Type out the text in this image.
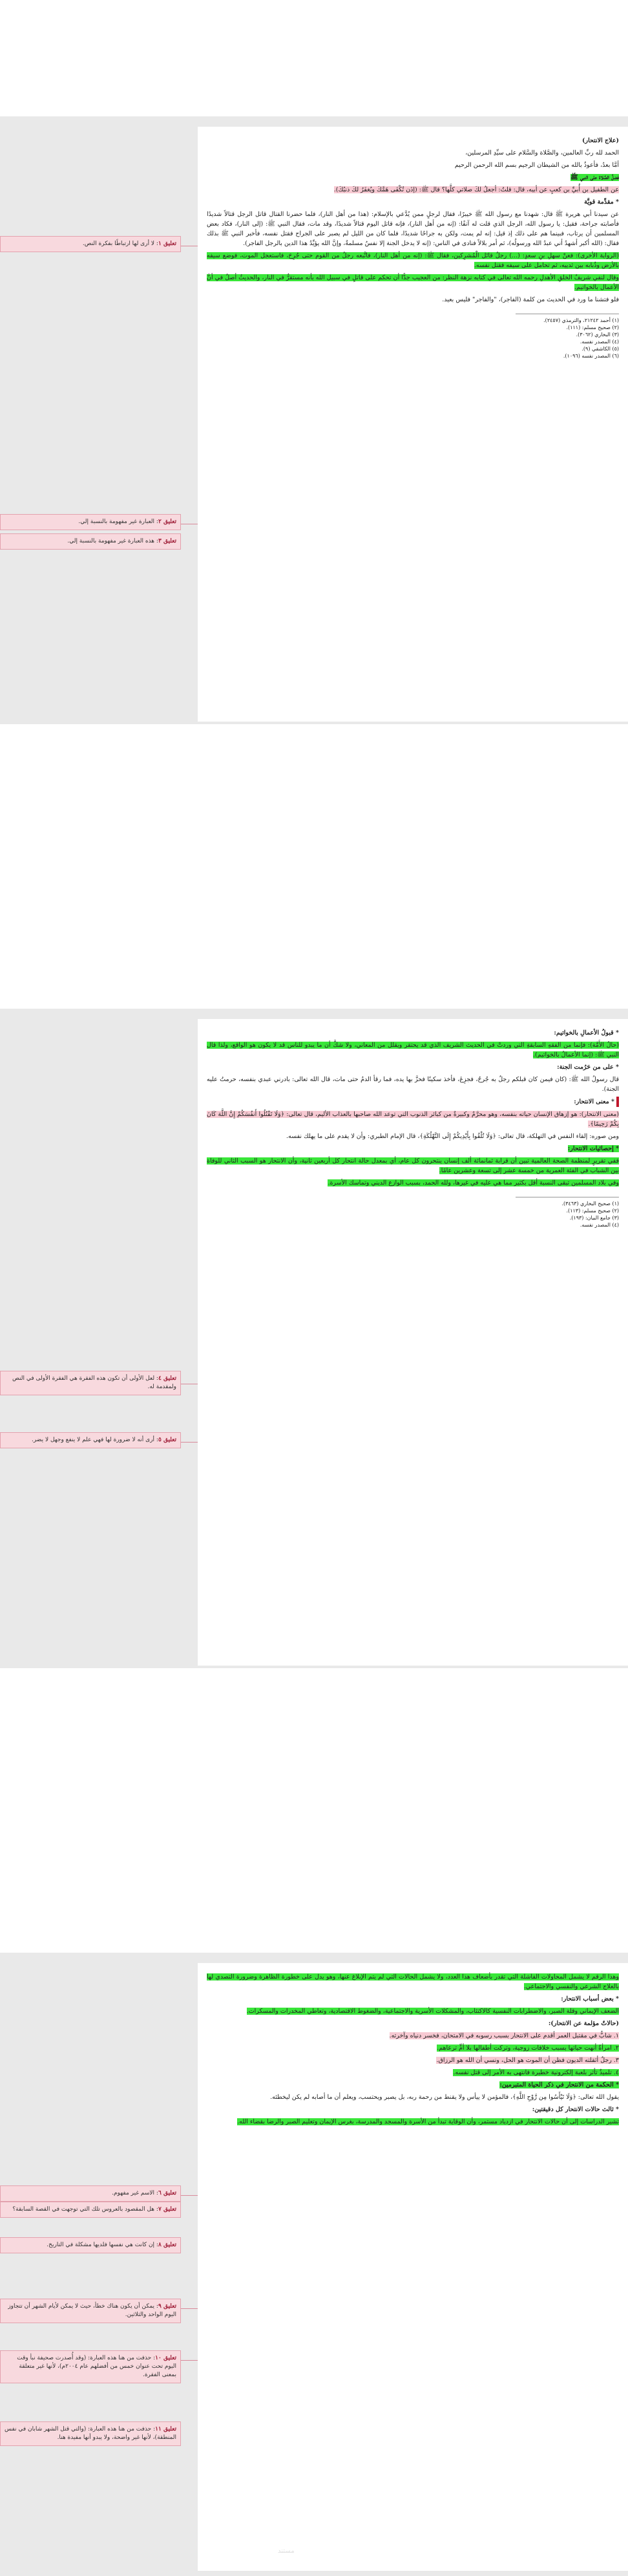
(علاج الانتحار)

الحمد لله ربِّ العالمين، والصَّلاة والسَّلام على سيِّدِ المرسلين،

أمَّا بعدُ، فأعوذُ بالله من الشيطان الرجيم بسم الله الرحمن الرحيم

فضلُ الصَّلاة على النبي ﷺ

عن الطفيل بن أُبيِّ بن كعبٍ عن أبيه، قال: قلتُ: أجعلُ لكَ صلاتي كلَّها؟ قال ﷺ: (إذَن تُكْفَى هَمَّكَ ويُغفَرُ لكَ ذنبُكَ).

* مقدِّمة قويَّة

عن سيدنا أبي هريرة ﷺ قال: شهدنا مع رسول الله ﷺ خيبرًا، فقال لرجلٍ ممن يُدَّعي بالإسلام: (هذا من أهل النار)، فلما حضرنا القتال قاتل الرجل قتالاً شديدًا فأصابته جراحة، فقيل: يا رسول الله، الرجل الذي قلت له آنفًا: (إنه من أهل النار)، فإنه قاتل اليوم قتالاً شديدًا، وقد مات، فقال النبي ﷺ: (إلى النار)، فكاد بعض المسلمين أن يرتاب، فبينما هم على ذلك إذ قيل: إنه لم يمت، ولكن به جراحًا شديدًا، فلما كان من الليل لم يصبر على الجراح فقتل نفسه، فأخبر النبي ﷺ بذلك فقال: (الله أكبر أشهدُ أني عبدُ الله ورسولُه)، ثم أمر بلالاً فنادى في الناس: (إنه لا يدخل الجنة إلا نفسٌ مسلمةٌ، وإنَّ الله يؤيِّدُ هذا الدين بالرجل الفاجر).

(الرواية الأخرى): فعنْ سهلِ بنِ سعدٍ: (...) رجلٌ قاتَل الْمُشرِكين، فقال ﷺ: (إنه من أهل النار)، فاتَّبعه رجلٌ من القوم حتى جُرِحَ، فاستعجل الموت، فوضع سيفه بالأرض وذُبابه بين ثدييه، ثم تحامل على سيفه فقتل نفسه.

وقال لنفي شريفٌ الخلقِ الأهدلِ رحمه الله تعالى في كتابه نزهة النظر: من العجيب جدًّا أن تحكم على قاتلٍ في سبيل الله بأنه مستقرٌّ في النار، والحديثُ أصلٌ في أنَّ الأعمال بالخواتيم.

فلو فتشنا ما ورد في الحديث من كلمة (الفاجر)، "والفاجر" فليس بعيد.

(١) أحمد ٢١٢٤٢، والترمذي (٢٤٥٧).
(٢) صحيح مسلم: (١١١).
(٣) البخاري (٣٠٦٢).
(٤) المصدر نفسه.
(٥) الكاشفي (٩).
(٦) المصدر نفسه (١٠٩٦).

* قبولُ الأعمالِ بالخواتيم:

(حالُ الأَمَّة): فإنما من الفقهِ السابقةِ التي وردتْ في الحديث الشريف الذي قد يحتقر ويقلل من المعاني، ولا شكَّ أن ما يبدو للناس قد لا يكون هو الواقع، ولذا قال النبي ﷺ: (إنما الأعمالُ بالخواتيم).

* على من حَرُمت الجنة:

قال رسولُ الله ﷺ: (كان فيمن كان قبلكم رجلٌ به جُرحٌ، فجزِعَ، فأخذ سكينًا فحزَّ بها يده، فما رقأ الدمُ حتى مات، قال الله تعالى: بادرني عبدي بنفسه، حرمتُ عليه الجنة).

* معنى الانتحار:

(معنى الانتحار): هو إزهاق الإنسان حياته بنفسه، وهو محرَّمٌ وكبيرةٌ من كبائر الذنوب التي توعد الله صاحبها بالعذاب الأليم، قال تعالى: ﴿وَلَا تَقْتُلُوا أَنفُسَكُمْ إِنَّ اللَّهَ كَانَ بِكُمْ رَحِيمًا﴾.

ومن صوره: إلقاء النفس في التهلكة، قال تعالى: ﴿وَلَا تُلْقُوا بِأَيْدِيكُمْ إِلَى التَّهْلُكَةِ﴾، قال الإمام الطبري: وأن لا يقدم على ما يهلك نفسه.

* إحصائيات الانتحار:

ففي تقريرٍ لمنظمة الصحة العالمية تبين أن قرابة ثمانمائة ألف إنسان ينتحرون كل عام، أي بمعدل حالة انتحار كل أربعين ثانية، وأن الانتحار هو السبب الثاني للوفاة بين الشباب في الفئة العمرية من خمسة عشر إلى تسعة وعشرين عامًا.

وفي بلاد المسلمين تبقى النسبة أقل بكثير مما هي عليه في غيرها، ولله الحمد، بسبب الوازع الديني وتماسك الأسرة.

(١) صحيح البخاري (٣٤٦٣).
(٢) صحيح مسلم: (١١٣).
(٣) جامع البيان: (١٩٣).
(٤) المصدر نفسه.

وهذا الرقم لا يشمل المحاولات الفاشلة التي تقدر بأضعاف هذا العدد، ولا يشمل الحالات التي لم يتم الإبلاغ عنها، وهو يدل على خطورة الظاهرة وضرورة التصدي لها بالعلاج الشرعي والنفسي والاجتماعي.

* بعض أسباب الانتحار:

الضعف الإيماني وقلة الصبر، والاضطرابات النفسية كالاكتئاب، والمشكلات الأسرية والاجتماعية، والضغوط الاقتصادية، وتعاطي المخدرات والمسكرات.

(حالاتٌ مؤلمة عن الانتحار):

١. شابٌّ في مقتبل العمر أقدم على الانتحار بسبب رسوبه في الامتحان، فخسر دنياه وآخرته.

٢. امرأةٌ أنهت حياتها بسبب خلافات زوجية، وتركت أطفالها بلا أمٍّ ترعاهم.

٣. رجلٌ أثقلته الديون فظن أن الموت هو الحل، ونسي أن الله هو الرزاق.

٤. تلميذٌ تأثر بلعبة إلكترونية خطيرة فانتهى به الأمر إلى قتل نفسه.

* الحكمة من الانتحار في ذكر الحياة المتبرمين:

يقول الله تعالى: ﴿وَلَا تَيْأَسُوا مِن رَّوْحِ اللَّهِ﴾، فالمؤمن لا ييأس ولا يقنط من رحمة ربه، بل يصبر ويحتسب، ويعلم أن ما أصابه لم يكن ليخطئه.

* ثالث حالات الانتحار كل دقيقتين:

تشير الدراسات إلى أن حالات الانتحار في ازدياد مستمر، وأن الوقاية تبدأ من الأسرة والمسجد والمدرسة، بغرس الإيمان وتعليم الصبر والرضا بقضاء الله.

تعليق ١: لا أرى لها ارتباطًا بفكرة النص.
تعليق ٢: العبارة غير مفهومة بالنسبة إلي.
تعليق ٣: هذه العبارة غير مفهومة بالنسبة إلي.
تعليق ٤: لعل الأولى أن تكون هذه الفقرة هي الفقرة الأولى في النص ولمقدمة له.
تعليق ٥: أرى أنه لا ضرورة لها فهي علم لا ينفع وجهل لا يضر.
تعليق ٦: الاسم غير مفهوم.
تعليق ٧: هل المقصود بالعروس تلك التي توجهت في القصة السابقة؟
تعليق ٨: إن كانت هي نفسها فلديها مشكلة في التاريخ.
تعليق ٩: يمكن أن يكون هناك خطأ، حيث لا يمكن لأيام الشهر أن تتجاوز اليوم الواحد والثلاثين.
تعليق ١٠: حذفت من هنا هذه العبارة: (وقد أُصدرت صحيفة نبأ وقت اليوم تحت عنوان خمس من أفضلهم عام ٢٠٠٤م)، لأنها غير متعلقة بمعنى الفقرة.
تعليق ١١: حذفت من هنا هذه العبارة: (والتي قتل الشهر شابان في نفس المنطقة)، لأنها غير واضحة، ولا يبدو أنها مفيدة هنا.
مستند
